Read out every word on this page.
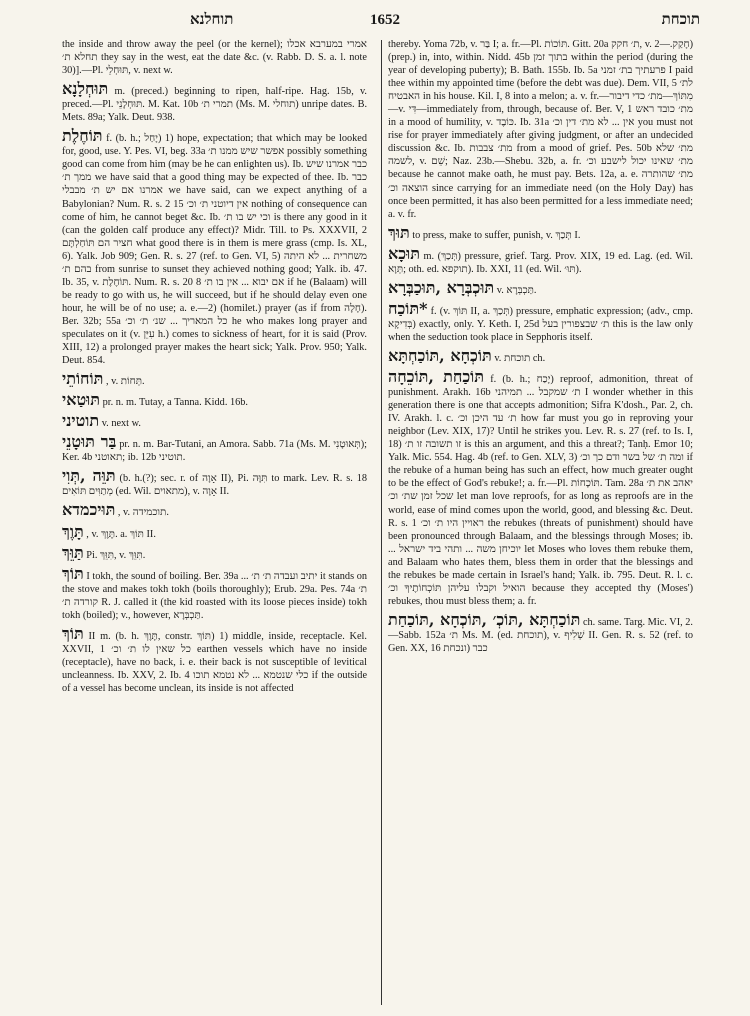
תוחלנא	1652	תוכחת

the inside and throw away the peel (or the kernel); אמרי במערבא אכלו תחלא ת׳ they say in the west, eat the date &c. (v. Rabb. D. S. a. l. note 30)].—Pl. תּוּחְלֵי, v. next w.

תּוּחְלָנָא m. (preced.) beginning to ripen, half-ripe. Hag. 15b, v. preced.—Pl. תּוּחְלָנֵי. M. Kat. 10b תמרי ת׳ (Ms. M. תוחלי) unripe dates. B. Mets. 89a; Yalk. Deut. 938.

תּוֹחֶלֶת f. (b. h.; יָחַל) 1) hope, expectation; that which may be looked for, good, use. Y. Pes. VI, beg. 33a אפשר שיש ממנו ת׳ possibly something good can come from him (may be he can enlighten us). Ib. כבר אמרנו שיש ממך ת׳ we have said that a good thing may be expected of thee. Ib. כבר אמרנו אם יש ת׳ מבבלי we have said, can we expect anything of a Babylonian? Num. R. s. 2 15 אין דיוטני ת׳ וכ׳ nothing of consequence can come of him, he cannot beget &c. Ib. וכי יש בו ת׳ is there any good in it (can the golden calf produce any effect)? Midr. Till. to Ps. XXXVII, 2 חציר הם תּוֹחַלְתָּם what good there is in them is mere grass (cmp. Is. XL, 6). Yalk. Job 909; Gen. R. s. 27 (ref. to Gen. VI, 5) משחרית ... לא היתה בהם ת׳ from sunrise to sunset they achieved nothing good; Yalk. ib. 47. Ib. 35, v. תּוֹחֶלֶת. Num. R. s. 20 8 אם יבוא ... אין בו ת׳ if he (Balaam) will be ready to go with us, he will succeed, but if he should delay even one hour, he will be of no use; a. e.—2) (homilet.) prayer (as if from חָלָה). Ber. 32b; 55a כל המאריך ... שנ׳ ת׳ וכ׳ he who makes long prayer and speculates on it (v. עִיֵּן h.) comes to sickness of heart, for it is said (Prov. XIII, 12) a prolonged prayer makes the heart sick; Yalk. Prov. 950; Yalk. Deut. 854.

תּוֹחוֹתֵי , v. תְּחוֹת.

תּוּטַאי pr. n. m. Tutay, a Tanna. Kidd. 16b.

תוטיני v. next w.

בַּר תּוּטָנֵי pr. n. m. Bar-Tutani, an Amora. Sabb. 71a (Ms. M. תְּאוּטָנִי); Ker. 4b תאוטני; ib. 12b תוטיני.

תּוֵּה ,תְּוִי (b. h.(?); sec. r. of אָוָה II), Pi. תִּוָּה to mark. Lev. R. s. 18 מְתַוִּים תּוֹאִים (ed. Wil. מתאוים), v. אָוָה II.

תּוּיכמדא , v. תוכמידה.

תָּוֶךְ , v. תָּוֶךְ. a. תּוֹךְ II.

תַּוֵּךְ Pi. תִּוֵּךְ, v. תִּוֵּךְ.

תּוֹךְ I tokh, the sound of boiling. Ber. 39a ... יתיב ועבדה ת׳ ת׳ it stands on the stove and makes tokh tokh (boils thoroughly); Erub. 29a. Pes. 74a ת׳ קורדה ת׳ R. J. called it (the kid roasted with its loose pieces inside) tokh tokh (boiled); v., however, תַּכְבְּרָא.

תּוֹךְ II m. (b. h. תָּוֶךְ, constr. תּוֹךְ) 1) middle, inside, receptacle. Kel. XXVII, 1 כל שאין לו ת׳ וכ׳ earthen vessels which have no inside (receptacle), have no back, i. e. their back is not susceptible of levitical uncleanness. Ib. XXV, 2. Ib. 4 כלי שנטמא ... לא נטמא תוכו if the outside of a vessel has become unclean, its inside is not affected

thereby. Yoma 72b, v. בַּר I; a. fr.—Pl. תּוֹכוֹת. Gitt. 20a ת׳ חקק, v. חָקַק.—2) (prep.) in, into, within. Nidd. 45b בתוך זמן within the period (during the year of developing puberty); B. Bath. 155b. Ib. 5a פרעתיך בת׳ זמני I paid thee within my appointed time (before the debt was due). Dem. VII, 5 לת׳ האבטיח in his house. Kil. I, 8 into a melon; a. v. fr.—מִתּוֹךְ—מת׳ כדי דיבור—v. דִּי—immediately from, through, because of. Ber. V, 1 מת׳ כובד ראש in a mood of humility, v. כּוֹבֶד. Ib. 31a אין ... לא מת׳ דין וכ׳ you must not rise for prayer immediately after giving judgment, or after an undecided discussion &c. Ib. מת׳ צבבות from a mood of grief. Pes. 50b מת׳ שלא לשמה, v. שֵׁם; Naz. 23b.—Shebu. 32b, a. fr. מת׳ שאינו יכול לישבע וכ׳ because he cannot make oath, he must pay. Bets. 12a, a. e. מת׳ שהותרה הוצאה וכ׳ since carrying for an immediate need (on the Holy Day) has once been permitted, it has also been permitted for a less immediate need; a. v. fr.

תּוּךְ to press, make to suffer, punish, v. תְּכַךְ I.

תּוּכָא m. (תְּכַךְ) pressure, grief. Targ. Prov. XIX, 19 ed. Lag. (ed. Wil. תְּוָא; oth. ed. תוקפא). Ib. XXI, 11 (ed. Wil. תּוּ׳).

תּוּכְבְּרָא ,תּוּכַבְּרָא v. תַּכְבְּרָא.

*תּוֹכַח f. (v. תּוֹךְ II, a. תְּכַךְ) pressure, emphatic expression; (adv., cmp. בְּדִיקָא) exactly, only. Y. Keth. I, 25d ת׳ שבצפורין בעל this is the law only when the seduction took place in Sepphoris itself.

תּוֹכְחָא ,תּוֹכַחְתָּא v. תוכחת ch.

תּוֹכַחַת ,תּוֹכֵחָה f. (b. h.; יָכַח) reproof, admonition, threat of punishment. Arakh. 16b ת׳ שמקבל ... תמיהני I wonder whether in this generation there is one that accepts admonition; Sifra K'dosh., Par. 2, ch. IV. Arakh. l. c. ת׳ עד היכן וכ׳ how far must you go in reproving your neighbor (Lev. XIX, 17)? Until he strikes you. Lev. R. s. 27 (ref. to Is. I, 18) זו תשובה זו ת׳ is this an argument, and this a threat?; Tanḥ. Emor 10; Yalk. Mic. 554. Hag. 4b (ref. to Gen. XLV, 3) ומה ת׳ של בשר ודם כך וכ׳ if the rebuke of a human being has such an effect, how much greater ought to be the effect of God's rebuke!; a. fr.—Pl. תּוֹכָחוֹת. Tam. 28a יאהב את ת׳ שכל זמן שת׳ וכ׳ let man love reproofs, for as long as reproofs are in the world, ease of mind comes upon the world, good, and blessing &c. Deut. R. s. 1 ראויין היו ת׳ וכ׳ the rebukes (threats of punishment) should have been pronounced through Balaam, and the blessings through Moses; ib. ... יוכיחן משה ... ותהי ביד ישראל let Moses who loves them rebuke them, and Balaam who hates them, bless them in order that the blessings and the rebukes be made certain in Israel's hand; Yalk. ib. 795. Deut. R. l. c. הואיל וקבלו עליהן תּוֹכְחוֹתֶיךָ וכ׳ because they accepted thy (Moses') rebukes, thou must bless them; a. fr.

תּוֹכַחְתָּא ,תּוֹכְ׳ ,תּוֹכְחָא ,תּוֹכַחַת ch. same. Targ. Mic. VI, 2.—Sabb. 152a ת׳ Ms. M. (ed. תוכחת), v. שְׁלִיף II. Gen. R. s. 52 (ref. to Gen. XX, 16 כבר (ונכחת
